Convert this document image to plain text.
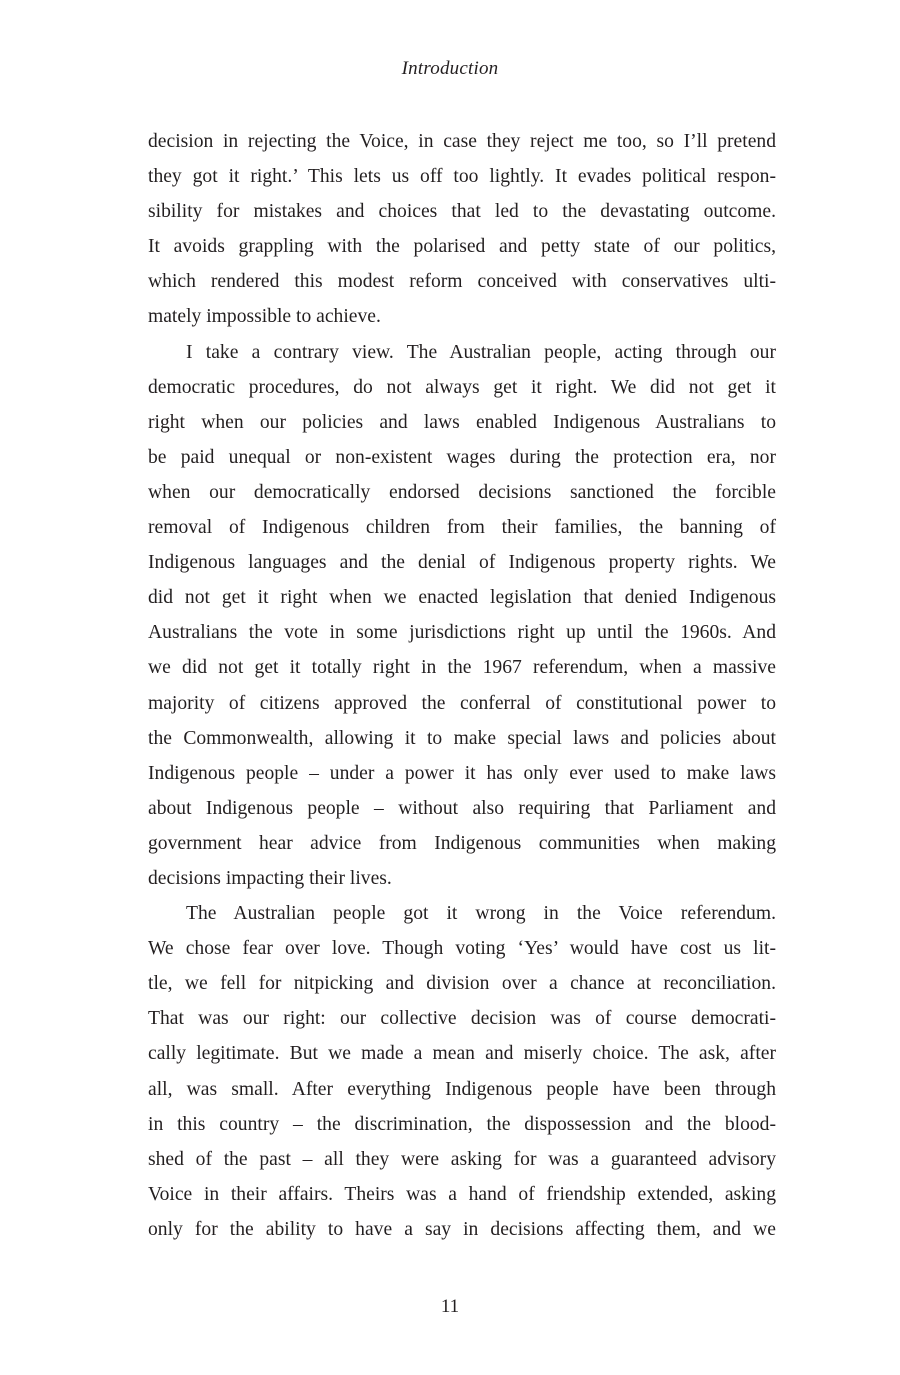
Introduction
decision in rejecting the Voice, in case they reject me too, so I’ll pretend
they got it right.’ This lets us off too lightly. It evades political respon-
sibility for mistakes and choices that led to the devastating outcome.
It avoids grappling with the polarised and petty state of our politics,
which rendered this modest reform conceived with conservatives ulti-
mately impossible to achieve.
I take a contrary view. The Australian people, acting through our
democratic procedures, do not always get it right. We did not get it
right when our policies and laws enabled Indigenous Australians to
be paid unequal or non-existent wages during the protection era, nor
when our democratically endorsed decisions sanctioned the forcible
removal of Indigenous children from their families, the banning of
Indigenous languages and the denial of Indigenous property rights. We
did not get it right when we enacted legislation that denied Indigenous
Australians the vote in some jurisdictions right up until the 1960s. And
we did not get it totally right in the 1967 referendum, when a massive
majority of citizens approved the conferral of constitutional power to
the Commonwealth, allowing it to make special laws and policies about
Indigenous people – under a power it has only ever used to make laws
about Indigenous people – without also requiring that Parliament and
government hear advice from Indigenous communities when making
decisions impacting their lives.
The Australian people got it wrong in the Voice referendum.
We chose fear over love. Though voting ‘Yes’ would have cost us lit-
tle, we fell for nitpicking and division over a chance at reconciliation.
That was our right: our collective decision was of course democrati-
cally legitimate. But we made a mean and miserly choice. The ask, after
all, was small. After everything Indigenous people have been through
in this country – the discrimination, the dispossession and the blood-
shed of the past – all they were asking for was a guaranteed advisory
Voice in their affairs. Theirs was a hand of friendship extended, asking
only for the ability to have a say in decisions affecting them, and we
11
